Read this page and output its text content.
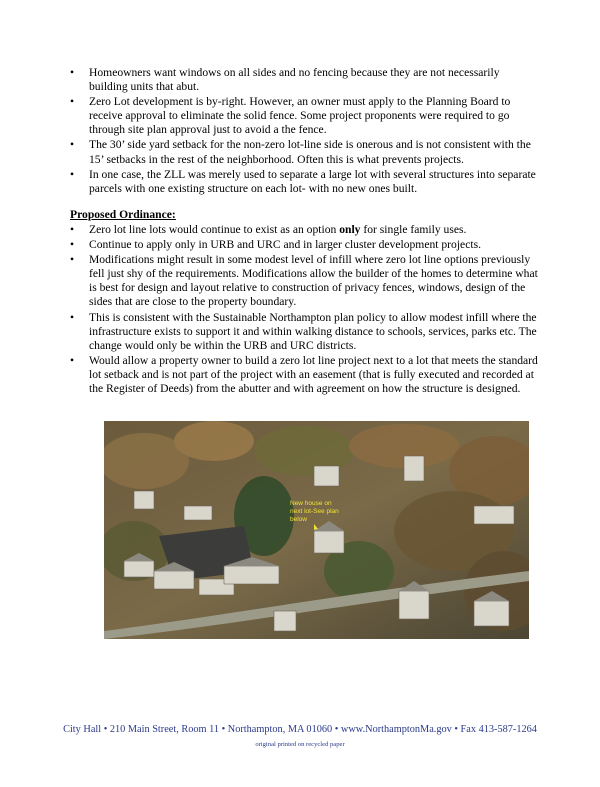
•	Homeowners want windows on all sides and no fencing because they are not necessarily building units that abut.
•	Zero Lot development is by-right. However, an owner must apply to the Planning Board to receive approval to eliminate the solid fence. Some project proponents were required to go through site plan approval just to avoid a the fence.
•	The 30’ side yard setback for the non-zero lot-line side is onerous and is not consistent with the 15’ setbacks in the rest of the neighborhood. Often this is what prevents projects.
•	In one case, the ZLL was merely used to separate a large lot with several structures into separate parcels with one existing structure on each lot- with no new ones built.
Proposed Ordinance:
•	Zero lot line lots would continue to exist as an option only for single family uses.
•	Continue to apply only in URB and URC and in larger cluster development projects.
•	Modifications might result in some modest level of infill where zero lot line options previously fell just shy of the requirements. Modifications allow the builder of the homes to determine what is best for design and layout relative to construction of privacy fences, windows, design of the sides that are close to the property boundary.
•	This is consistent with the Sustainable Northampton plan policy to allow modest infill where the infrastructure exists to support it and within walking distance to schools, services, parks etc. The change would only be within the URB and URC districts.
•	Would allow a property owner to build a zero lot line project next to a lot that meets the standard lot setback and is not part of the project with an easement (that is fully executed and recorded at the Register of Deeds) from the abutter and with agreement on how the structure is designed.
New house on
next lot-See plan
below
City Hall • 210 Main Street, Room 11 • Northampton, MA 01060 • www.NorthamptonMa.gov • Fax 413-587-1264
original printed on recycled paper
